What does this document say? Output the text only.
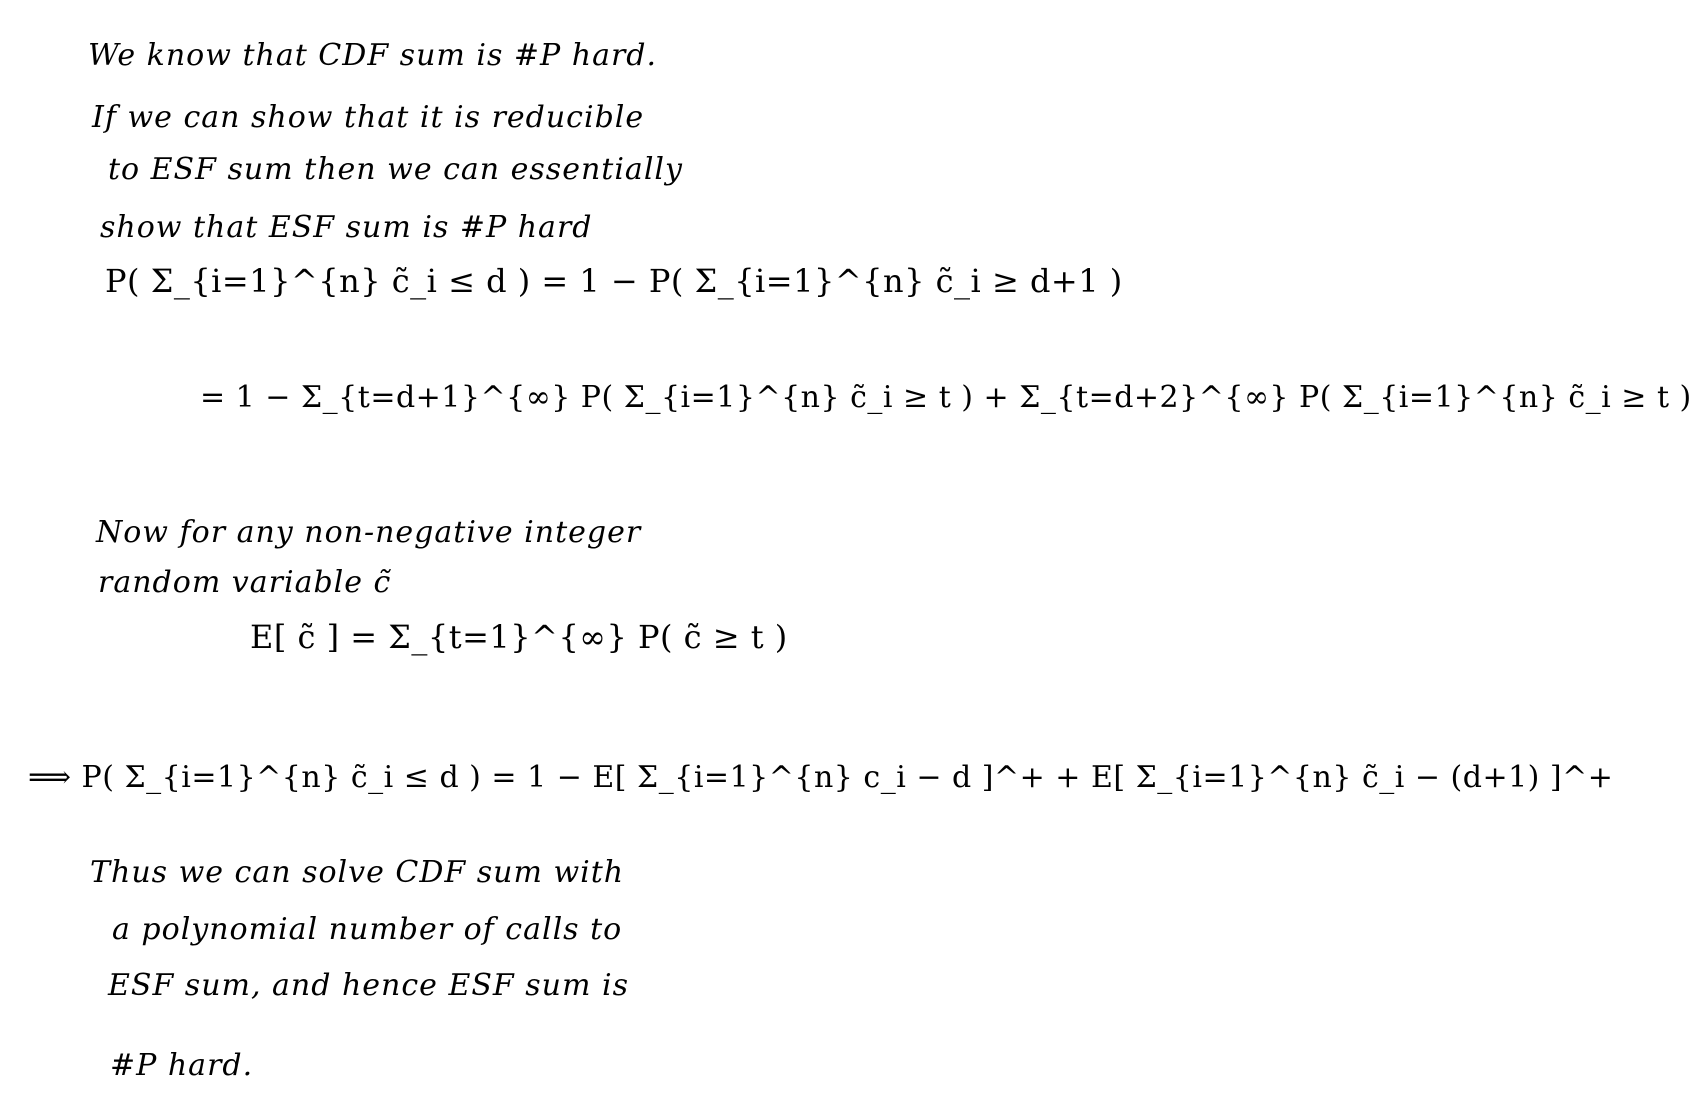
We know that CDF sum is #P hard.
If we can show that it is reducible
to ESF sum then we can essentially
show that ESF sum is #P hard
P( Σ_{i=1}^{n} c̃_i ≤ d ) = 1 − P( Σ_{i=1}^{n} c̃_i ≥ d+1 )
= 1 − Σ_{t=d+1}^{∞} P( Σ_{i=1}^{n} c̃_i ≥ t ) + Σ_{t=d+2}^{∞} P( Σ_{i=1}^{n} c̃_i ≥ t )
Now for any non-negative integer
random variable c̃
E[ c̃ ] = Σ_{t=1}^{∞} P( c̃ ≥ t )
⟹ P( Σ_{i=1}^{n} c̃_i ≤ d ) = 1 − E[ Σ_{i=1}^{n} c_i − d ]^+ + E[ Σ_{i=1}^{n} c̃_i − (d+1) ]^+
Thus we can solve CDF sum with
a polynomial number of calls to
ESF sum, and hence ESF sum is
#P hard.
